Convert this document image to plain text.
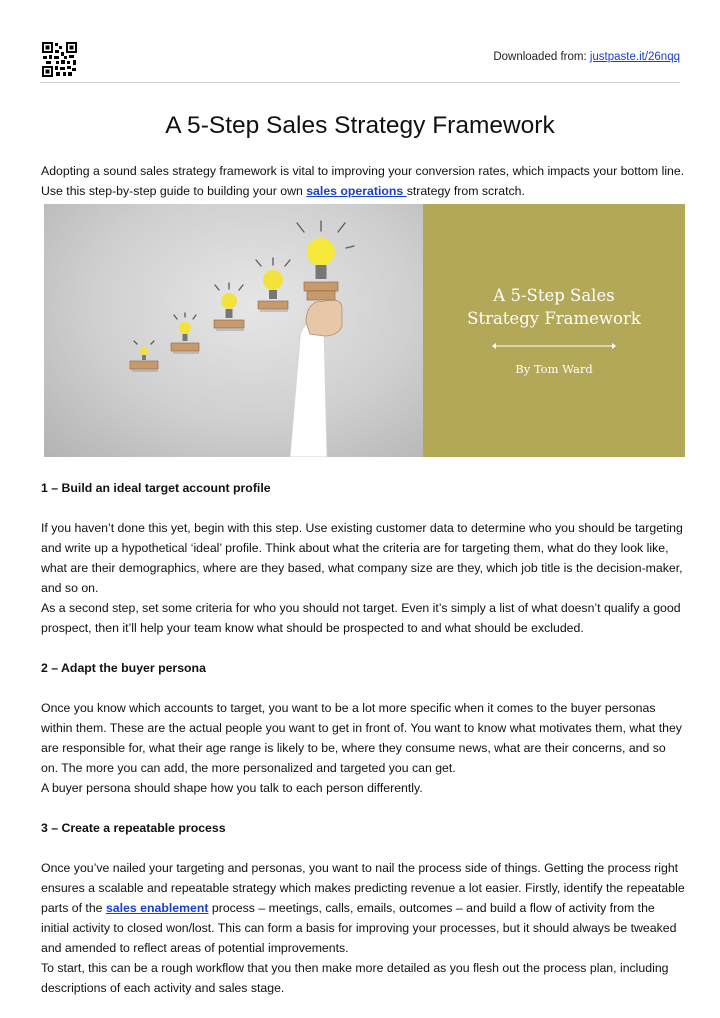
Downloaded from: justpaste.it/26nqq
A 5-Step Sales Strategy Framework

Adopting a sound sales strategy framework is vital to improving your conversion rates, which impacts your bottom line. Use this step-by-step guide to building your own sales operations strategy from scratch.

A 5-Step Sales
Strategy Framework
By Tom Ward
1 – Build an ideal target account profile

If you haven’t done this yet, begin with this step. Use existing customer data to determine who you should be targeting and write up a hypothetical ‘ideal’ profile. Think about what the criteria are for targeting them, what do they look like, what are their demographics, where are they based, what company size are they, which job title is the decision-maker, and so on.

As a second step, set some criteria for who you should not target. Even it’s simply a list of what doesn’t qualify a good prospect, then it’ll help your team know what should be prospected to and what should be excluded.

2 – Adapt the buyer persona

Once you know which accounts to target, you want to be a lot more specific when it comes to the buyer personas within them. These are the actual people you want to get in front of. You want to know what motivates them, what they are responsible for, what their age range is likely to be, where they consume news, what are their concerns, and so on. The more you can add, the more personalized and targeted you can get.

A buyer persona should shape how you talk to each person differently.

3 – Create a repeatable process

Once you’ve nailed your targeting and personas, you want to nail the process side of things. Getting the process right ensures a scalable and repeatable strategy which makes predicting revenue a lot easier. Firstly, identify the repeatable parts of the sales enablement process – meetings, calls, emails, outcomes – and build a flow of activity from the initial activity to closed won/lost. This can form a basis for improving your processes, but it should always be tweaked and amended to reflect areas of potential improvements.

To start, this can be a rough workflow that you then make more detailed as you flesh out the process plan, including descriptions of each activity and sales stage.
